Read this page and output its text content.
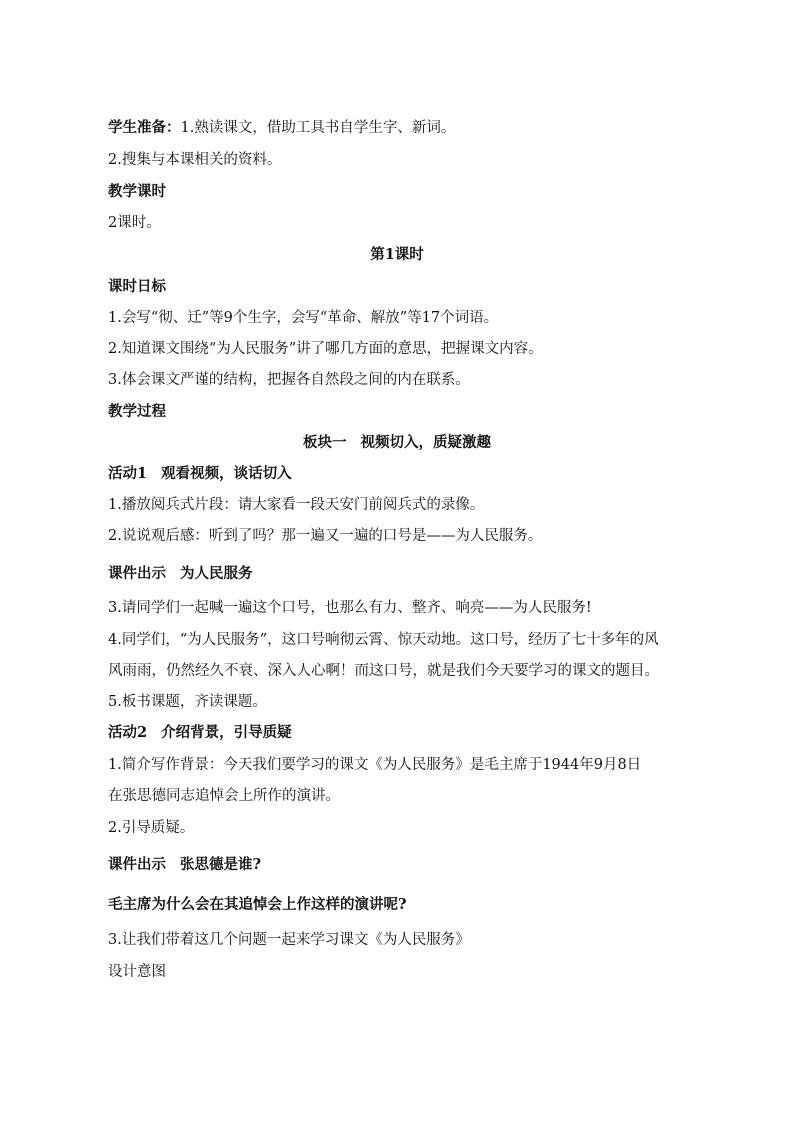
学生准备：1.熟读课文，借助工具书自学生字、新词。
2.搜集与本课相关的资料。
教学课时
2课时。
第1课时
课时日标
1.会写“彻、迁”等9个生字，会写“革命、解放”等17个词语。
2.知道课文围绕“为人民服务”讲了哪几方面的意思，把握课文内容。
3.体会课文严谨的结构，把握各自然段之间的内在联系。
教学过程
板块一 视频切入，质疑激趣
活动1 观看视频，谈话切入
1.播放阅兵式片段：请大家看一段天安门前阅兵式的录像。
2.说说观后感：听到了吗？那一遍又一遍的口号是——为人民服务。
课件出示 为人民服务
3.请同学们一起喊一遍这个口号，也那么有力、整齐、响亮——为人民服务!
4.同学们，“为人民服务”，这口号响彻云霄、惊天动地。这口号，经历了七十多年的风
风雨雨，仍然经久不衰、深入人心啊！而这口号，就是我们今天要学习的课文的题目。
5.板书课题，齐读课题。
活动2 介绍背景，引导质疑
1.简介写作背景：今天我们要学习的课文《为人民服务》是毛主席于1944年9月8日
在张思德同志追悼会上所作的演讲。
2.引导质疑。
课件出示 张思德是谁?
毛主席为什么会在其追悼会上作这样的演讲呢?
3.让我们带着这几个问题一起来学习课文《为人民服务》
设计意图
